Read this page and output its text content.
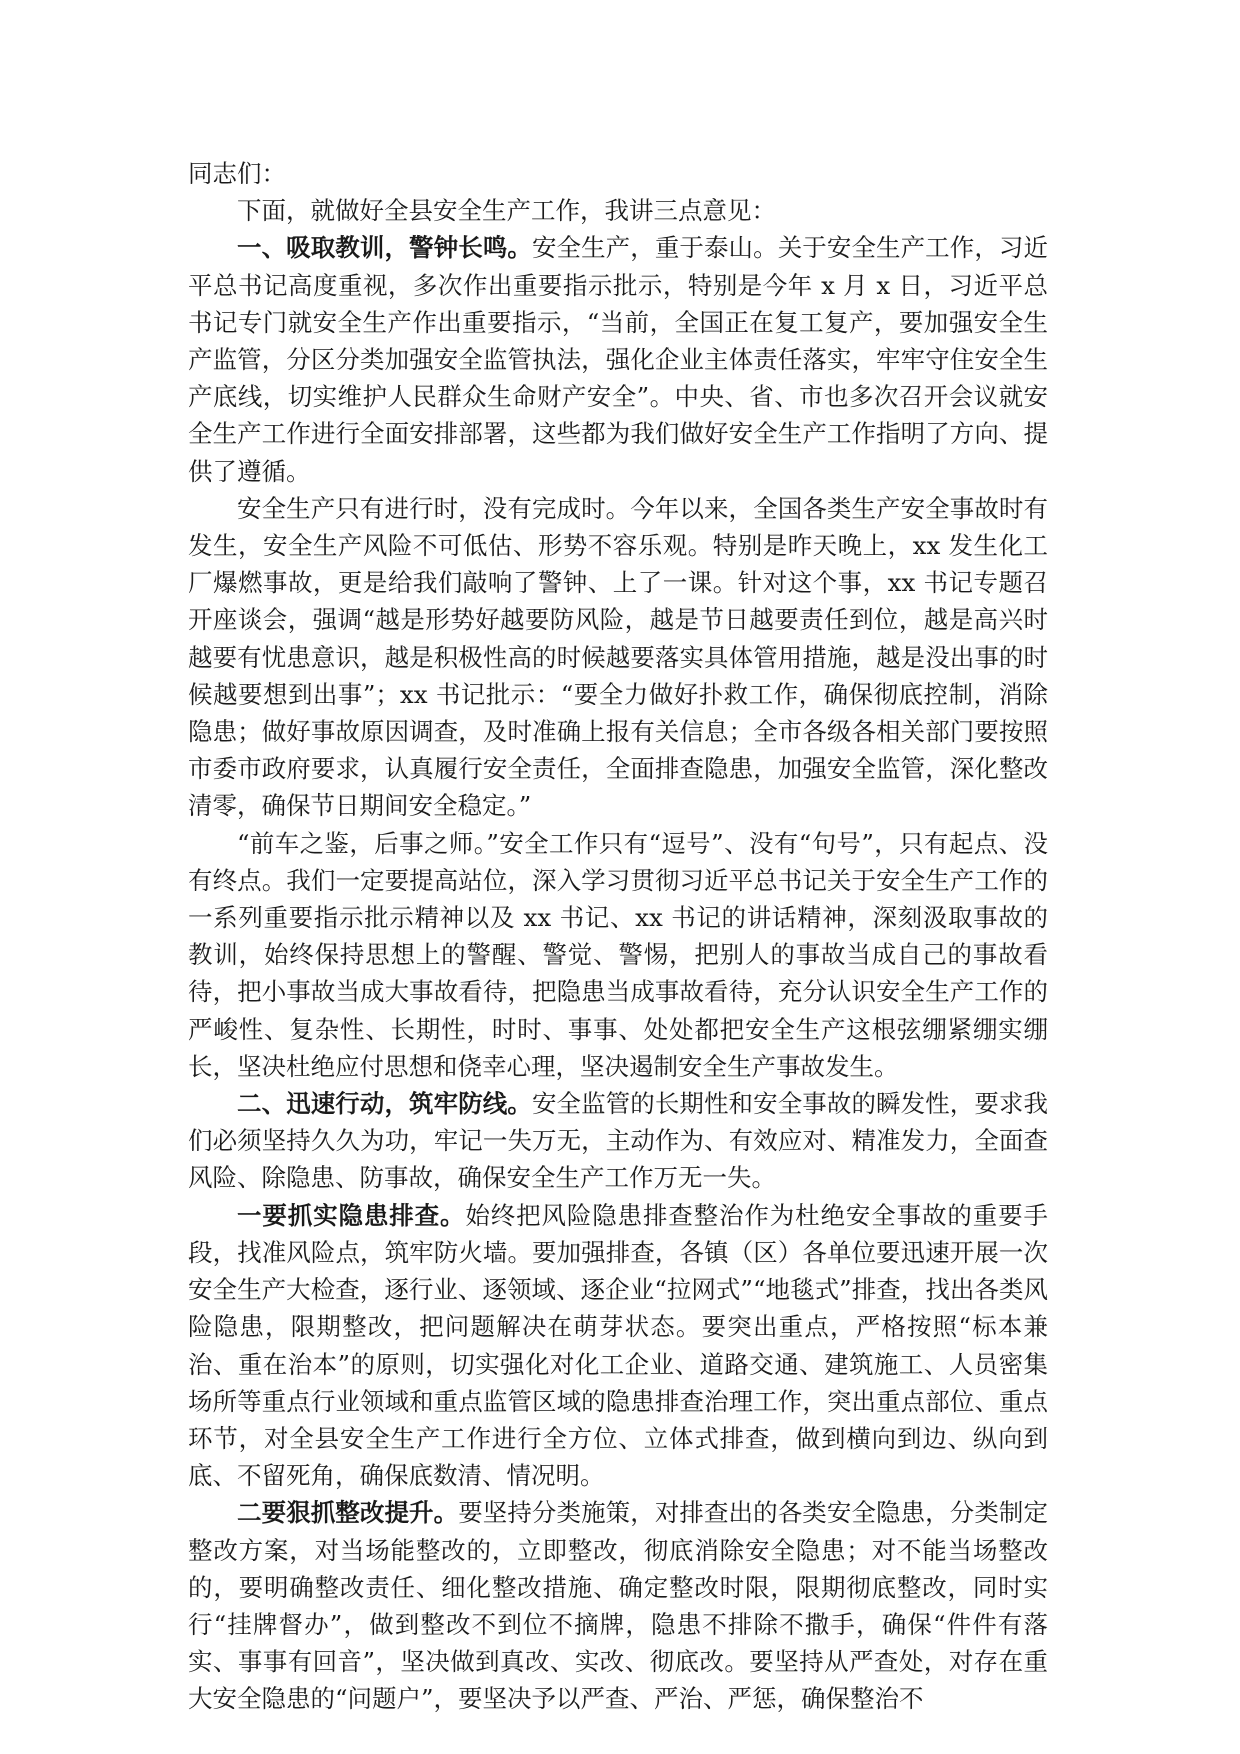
同志们：

下面，就做好全县安全生产工作，我讲三点意见：

一、吸取教训，警钟长鸣。安全生产，重于泰山。关于安全生产工作，习近平总书记高度重视，多次作出重要指示批示，特别是今年 x 月 x 日，习近平总书记专门就安全生产作出重要指示，“当前，全国正在复工复产，要加强安全生产监管，分区分类加强安全监管执法，强化企业主体责任落实，牢牢守住安全生产底线，切实维护人民群众生命财产安全”。中央、省、市也多次召开会议就安全生产工作进行全面安排部署，这些都为我们做好安全生产工作指明了方向、提供了遵循。

安全生产只有进行时，没有完成时。今年以来，全国各类生产安全事故时有发生，安全生产风险不可低估、形势不容乐观。特别是昨天晚上，xx 发生化工厂爆燃事故，更是给我们敲响了警钟、上了一课。针对这个事，xx 书记专题召开座谈会，强调“越是形势好越要防风险，越是节日越要责任到位，越是高兴时越要有忧患意识，越是积极性高的时候越要落实具体管用措施，越是没出事的时候越要想到出事”；xx 书记批示：“要全力做好扑救工作，确保彻底控制，消除隐患；做好事故原因调查，及时准确上报有关信息；全市各级各相关部门要按照市委市政府要求，认真履行安全责任，全面排查隐患，加强安全监管，深化整改清零，确保节日期间安全稳定。”

“前车之鉴，后事之师。”安全工作只有“逗号”、没有“句号”，只有起点、没有终点。我们一定要提高站位，深入学习贯彻习近平总书记关于安全生产工作的一系列重要指示批示精神以及 xx 书记、xx 书记的讲话精神，深刻汲取事故的教训，始终保持思想上的警醒、警觉、警惕，把别人的事故当成自己的事故看待，把小事故当成大事故看待，把隐患当成事故看待，充分认识安全生产工作的严峻性、复杂性、长期性，时时、事事、处处都把安全生产这根弦绷紧绷实绷长，坚决杜绝应付思想和侥幸心理，坚决遏制安全生产事故发生。

二、迅速行动，筑牢防线。安全监管的长期性和安全事故的瞬发性，要求我们必须坚持久久为功，牢记一失万无，主动作为、有效应对、精准发力，全面查风险、除隐患、防事故，确保安全生产工作万无一失。

一要抓实隐患排查。始终把风险隐患排查整治作为杜绝安全事故的重要手段，找准风险点，筑牢防火墙。要加强排查，各镇（区）各单位要迅速开展一次安全生产大检查，逐行业、逐领域、逐企业“拉网式”“地毯式”排查，找出各类风险隐患，限期整改，把问题解决在萌芽状态。要突出重点，严格按照“标本兼治、重在治本”的原则，切实强化对化工企业、道路交通、建筑施工、人员密集场所等重点行业领域和重点监管区域的隐患排查治理工作，突出重点部位、重点环节，对全县安全生产工作进行全方位、立体式排查，做到横向到边、纵向到底、不留死角，确保底数清、情况明。

二要狠抓整改提升。要坚持分类施策，对排查出的各类安全隐患，分类制定整改方案，对当场能整改的，立即整改，彻底消除安全隐患；对不能当场整改的，要明确整改责任、细化整改措施、确定整改时限，限期彻底整改，同时实行“挂牌督办”，做到整改不到位不摘牌，隐患不排除不撒手，确保“件件有落实、事事有回音”，坚决做到真改、实改、彻底改。要坚持从严查处，对存在重大安全隐患的“问题户”，要坚决予以严查、严治、严惩，确保整治不
